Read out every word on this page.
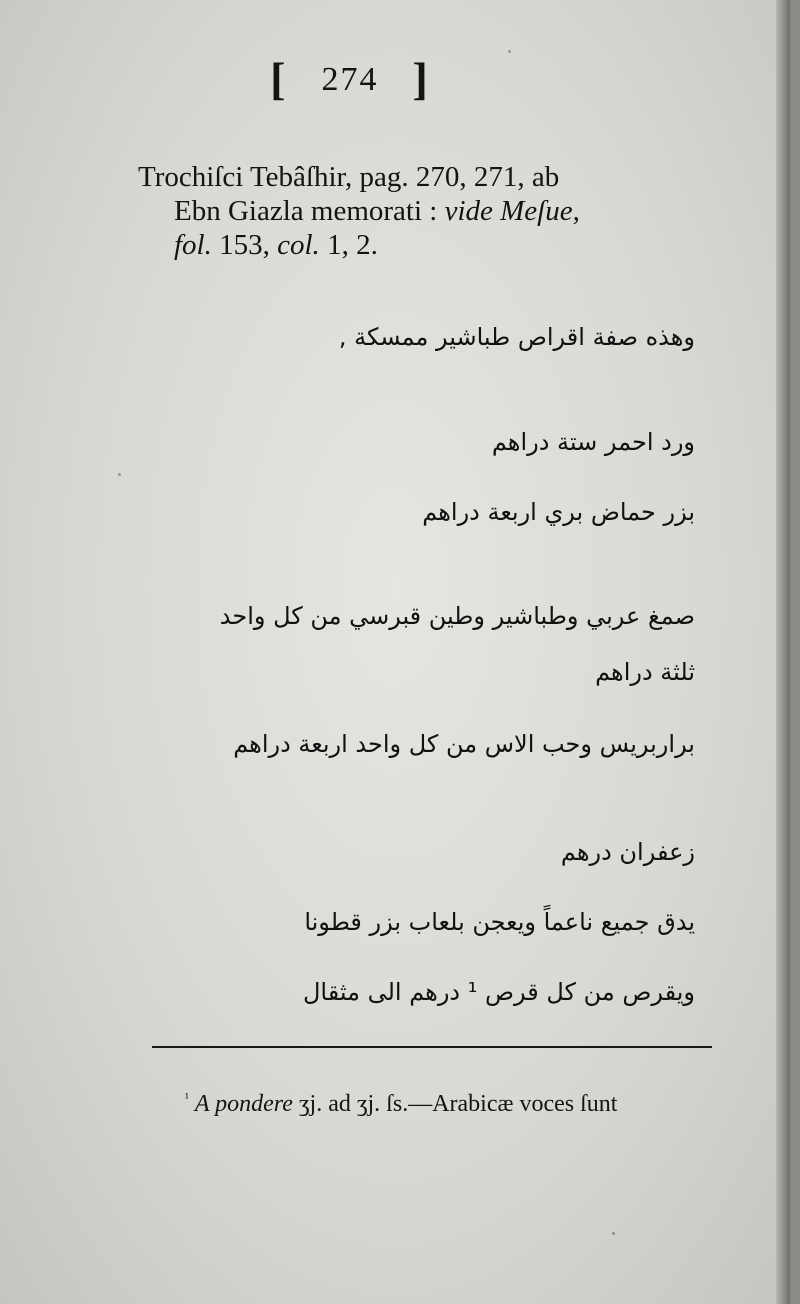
[ 274 ]
Trochiſci Tebâſhir, pag. 270, 271, ab
Ebn Giazla memorati : vide Meſue,
fol. 153, col. 1, 2.
وهذه صفة اقراص طباشير ممسكة ,
ورد احمر ستة دراهم
بزر حماض بري اربعة دراهم
صمغ عربي وطباشير وطين قبرسي من كل واحد
ثلثة دراهم
براربريس وحب الاس من كل واحد اربعة دراهم
زعفران درهم
يدق جميع ناعماً ويعجن بلعاب بزر قطونا
ويقرص من كل قرص ¹ درهم الى مثقال
$^{^1}$ A pondere ʒj. ad ʒj. ſs.—Arabicæ voces ſunt
